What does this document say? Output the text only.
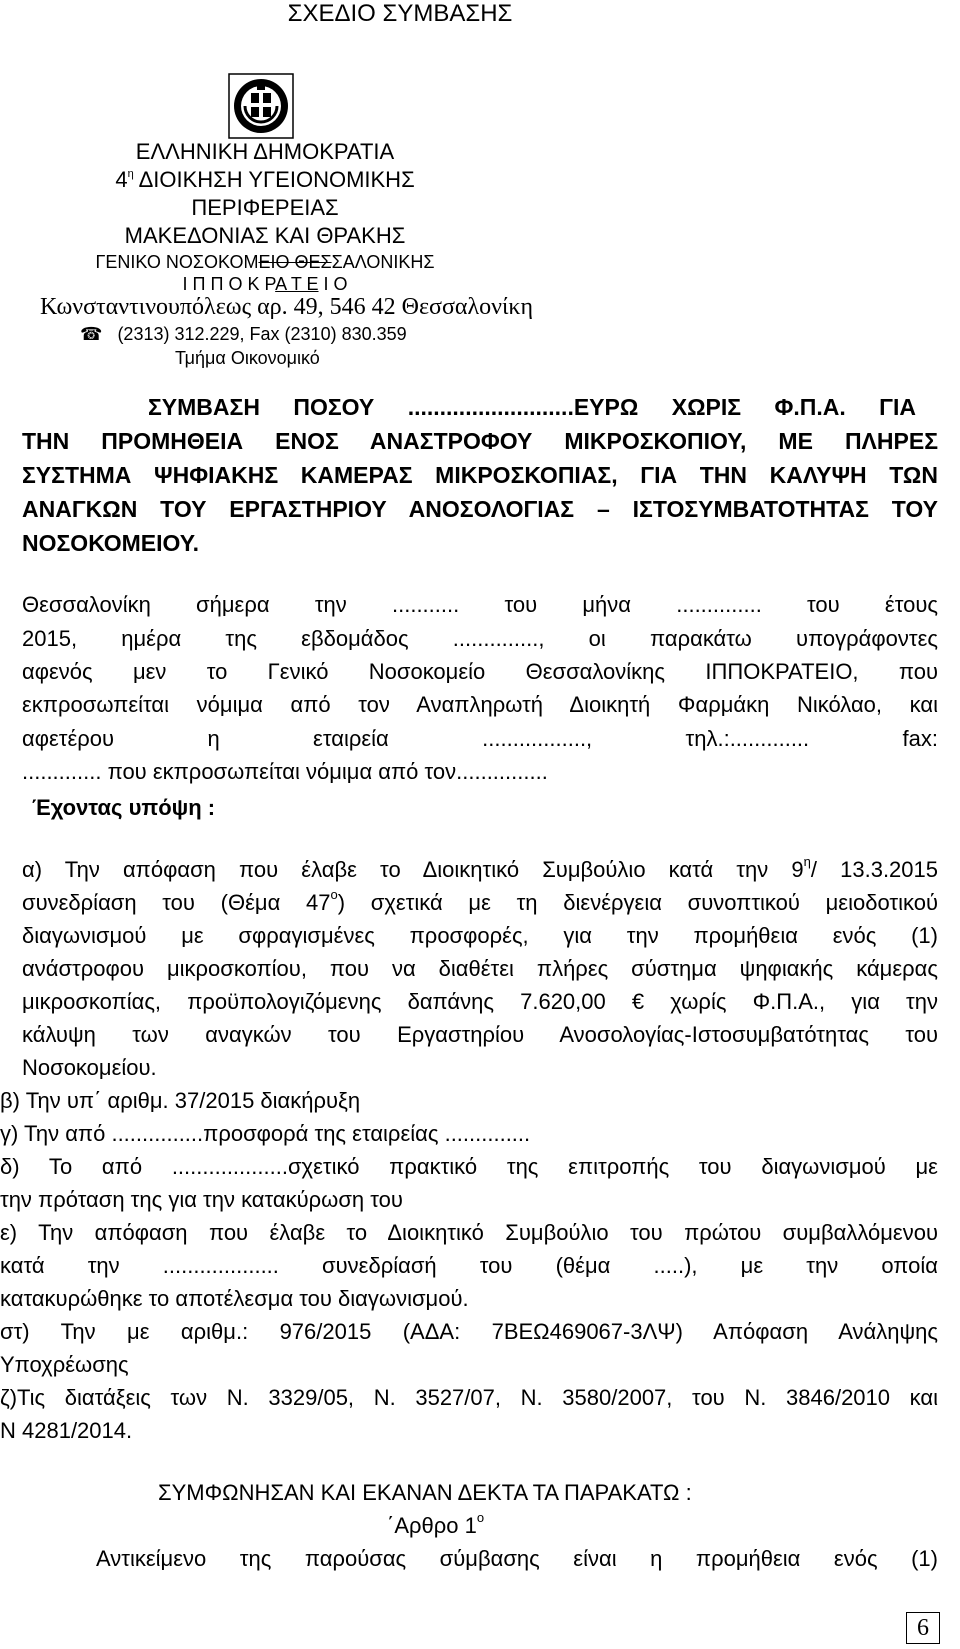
ΣΧΕΔΙΟ ΣΥΜΒΑΣΗΣ
ΕΛΛΗΝΙΚΗ ΔΗΜΟΚΡΑΤΙΑ
$4^\eta$ ΔΙΟΙΚΗΣΗ ΥΓΕΙΟΝΟΜΙΚΗΣ
ΠΕΡΙΦΕΡΕΙΑΣ
ΜΑΚΕΔΟΝΙΑΣ ΚΑΙ ΘΡΑΚΗΣ
ΓΕΝΙΚΟ ΝΟΣΟΚΟΜΕΙΟ ΘΕΣΣΑΛΟΝΙΚΗΣ
Ι Π Π Ο Κ ΡΑ Τ Ε Ι Ο
Κωνσταντινουπόλεως αρ. 49, 546 42 Θεσσαλονίκη
☎ (2313) 312.229, Fax (2310) 830.359
Τμήμα Οικονομικό
ΣΥΜΒΑΣΗ ΠΟΣΟΥ ..........................ΕΥΡΩ ΧΩΡΙΣ Φ.Π.Α. ΓΙΑ
ΤΗΝ ΠΡΟΜΗΘΕΙΑ ΕΝΟΣ ΑΝΑΣΤΡΟΦΟΥ ΜΙΚΡΟΣΚΟΠΙΟΥ, ΜΕ ΠΛΗΡΕΣ
ΣΥΣΤΗΜΑ ΨΗΦΙΑΚΗΣ ΚΑΜΕΡΑΣ ΜΙΚΡΟΣΚΟΠΙΑΣ, ΓΙΑ ΤΗΝ ΚΑΛΥΨΗ ΤΩΝ
ΑΝΑΓΚΩΝ ΤΟΥ ΕΡΓΑΣΤΗΡΙΟΥ ΑΝΟΣΟΛΟΓΙΑΣ – ΙΣΤΟΣΥΜΒΑΤΟΤΗΤΑΣ ΤΟΥ
ΝΟΣΟΚΟΜΕΙΟΥ.
Θεσσαλονίκη σήμερα την ........... του μήνα .............. του έτους
2015, ημέρα της εβδομάδος .............., οι παρακάτω υπογράφοντες
αφενός μεν το Γενικό Νοσοκομείο Θεσσαλονίκης ΙΠΠΟΚΡΑΤΕΙΟ, που
εκπροσωπείται νόμιμα από τον Αναπληρωτή Διοικητή Φαρμάκη Νικόλαο, και
αφετέρου η εταιρεία ................., τηλ.:............. fax:
............. που εκπροσωπείται νόμιμα από τον...............
Έχοντας υπόψη :
α) Την απόφαση που έλαβε το Διοικητικό Συμβούλιο κατά την $9^\eta/$ 13.3.2015
συνεδρίαση του (Θέμα $47^o$) σχετικά με τη διενέργεια συνοπτικού μειοδοτικού
διαγωνισμού με σφραγισμένες προσφορές, για την προμήθεια ενός (1)
ανάστροφου μικροσκοπίου, που να διαθέτει πλήρες σύστημα ψηφιακής κάμερας
μικροσκοπίας, προϋπολογιζόμενης δαπάνης 7.620,00 € χωρίς Φ.Π.Α., για την
κάλυψη των αναγκών του Εργαστηρίου Ανοσολογίας-Ιστοσυμβατότητας του
Νοσοκομείου.
β) Την υπ΄ αριθμ. 37/2015 διακήρυξη
γ) Την από ...............προσφορά της εταιρείας ..............
δ) Το από ...................σχετικό πρακτικό της επιτροπής του διαγωνισμού με
την πρόταση της για την κατακύρωση του
ε) Την απόφαση που έλαβε το Διοικητικό Συμβούλιο του πρώτου συμβαλλόμενου
κατά την ................... συνεδρίασή του (θέμα .....), με την οποία
κατακυρώθηκε το αποτέλεσμα του διαγωνισμού.
στ) Την με αριθμ.: 976/2015 (ΑΔΑ: 7ΒΕΩ469067-3ΛΨ) Απόφαση Ανάληψης
Υποχρέωσης
ζ)Τις διατάξεις των Ν. 3329/05, Ν. 3527/07, Ν. 3580/2007, του Ν. 3846/2010 και
Ν 4281/2014.
ΣΥΜΦΩΝΗΣΑΝ ΚΑΙ ΕΚΑΝΑΝ ΔΕΚΤΑ ΤΑ ΠΑΡΑΚΑΤΩ :
΄Αρθρο $1^o$
Αντικείμενο της παρούσας σύμβασης είναι η προμήθεια ενός (1)
6
